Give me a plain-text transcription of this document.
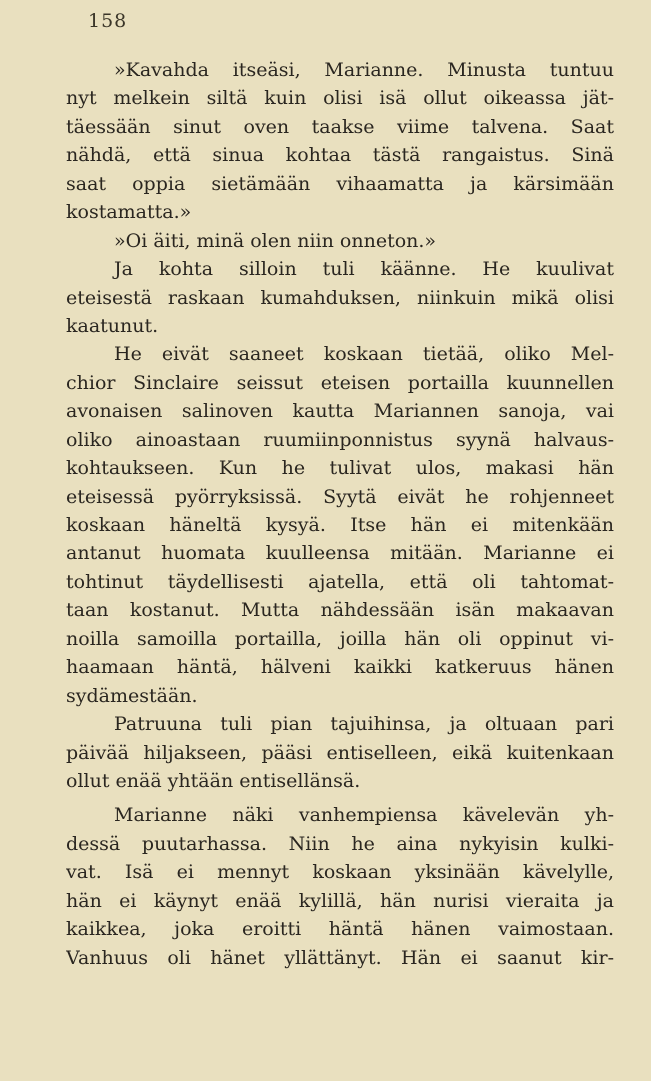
158
»Kavahda itseäsi, Marianne. Minusta tuntuu
nyt melkein siltä kuin olisi isä ollut oikeassa jät-
täessään sinut oven taakse viime talvena. Saat
nähdä, että sinua kohtaa tästä rangaistus. Sinä
saat oppia sietämään vihaamatta ja kärsimään
kostamatta.»
»Oi äiti, minä olen niin onneton.»
Ja kohta silloin tuli käänne. He kuulivat
eteisestä raskaan kumahduksen, niinkuin mikä olisi
kaatunut.
He eivät saaneet koskaan tietää, oliko Mel-
chior Sinclaire seissut eteisen portailla kuunnellen
avonaisen salinoven kautta Mariannen sanoja, vai
oliko ainoastaan ruumiinponnistus syynä halvaus-
kohtaukseen. Kun he tulivat ulos, makasi hän
eteisessä pyörryksissä. Syytä eivät he rohjenneet
koskaan häneltä kysyä. Itse hän ei mitenkään
antanut huomata kuulleensa mitään. Marianne ei
tohtinut täydellisesti ajatella, että oli tahtomat-
taan kostanut. Mutta nähdessään isän makaavan
noilla samoilla portailla, joilla hän oli oppinut vi-
haamaan häntä, hälveni kaikki katkeruus hänen
sydämestään.
Patruuna tuli pian tajuihinsa, ja oltuaan pari
päivää hiljakseen, pääsi entiselleen, eikä kuitenkaan
ollut enää yhtään entisellänsä.
Marianne näki vanhempiensa kävelevän yh-
dessä puutarhassa. Niin he aina nykyisin kulki-
vat. Isä ei mennyt koskaan yksinään kävelylle,
hän ei käynyt enää kylillä, hän nurisi vieraita ja
kaikkea, joka eroitti häntä hänen vaimostaan.
Vanhuus oli hänet yllättänyt. Hän ei saanut kir-
